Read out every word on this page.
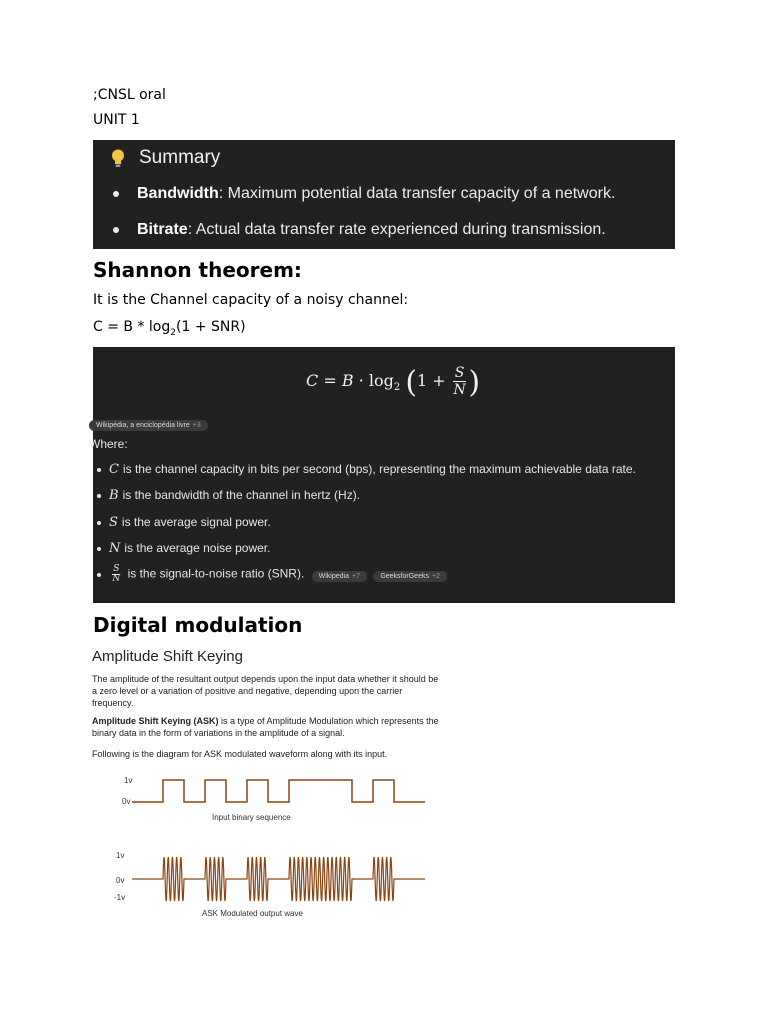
;CNSL oral
UNIT 1
Summary
Bandwidth: Maximum potential data transfer capacity of a network.
Bitrate: Actual data transfer rate experienced during transmission.
Shannon theorem:
It is the Channel capacity of a noisy channel:
$C = B * \log_2(1 + SNR)$
$C = B \cdot \log_2 (1 + \frac{S}{N}$ )
Wikipédia, a enciclopédia livre +3
Where:
C is the channel capacity in bits per second (bps), representing the maximum achievable data rate.
B is the bandwidth of the channel in hertz (Hz).
S is the average signal power.
N is the average noise power.

$\frac{S}{N}$ is the signal-to-noise ratio (SNR). Wikipedia +7	GeeksforGeeks +2
Digital modulation
Amplitude Shift Keying
The amplitude of the resultant output depends upon the input data whether it should be a zero level or a variation of positive and negative, depending upon the carrier frequency.
Amplitude Shift Keying (ASK) is a type of Amplitude Modulation which represents the binary data in the form of variations in the amplitude of a signal.
Following is the diagram for ASK modulated waveform along with its input.
1v
0v
Input binary sequence
1v
0v
-1v
ASK Modulated output wave
